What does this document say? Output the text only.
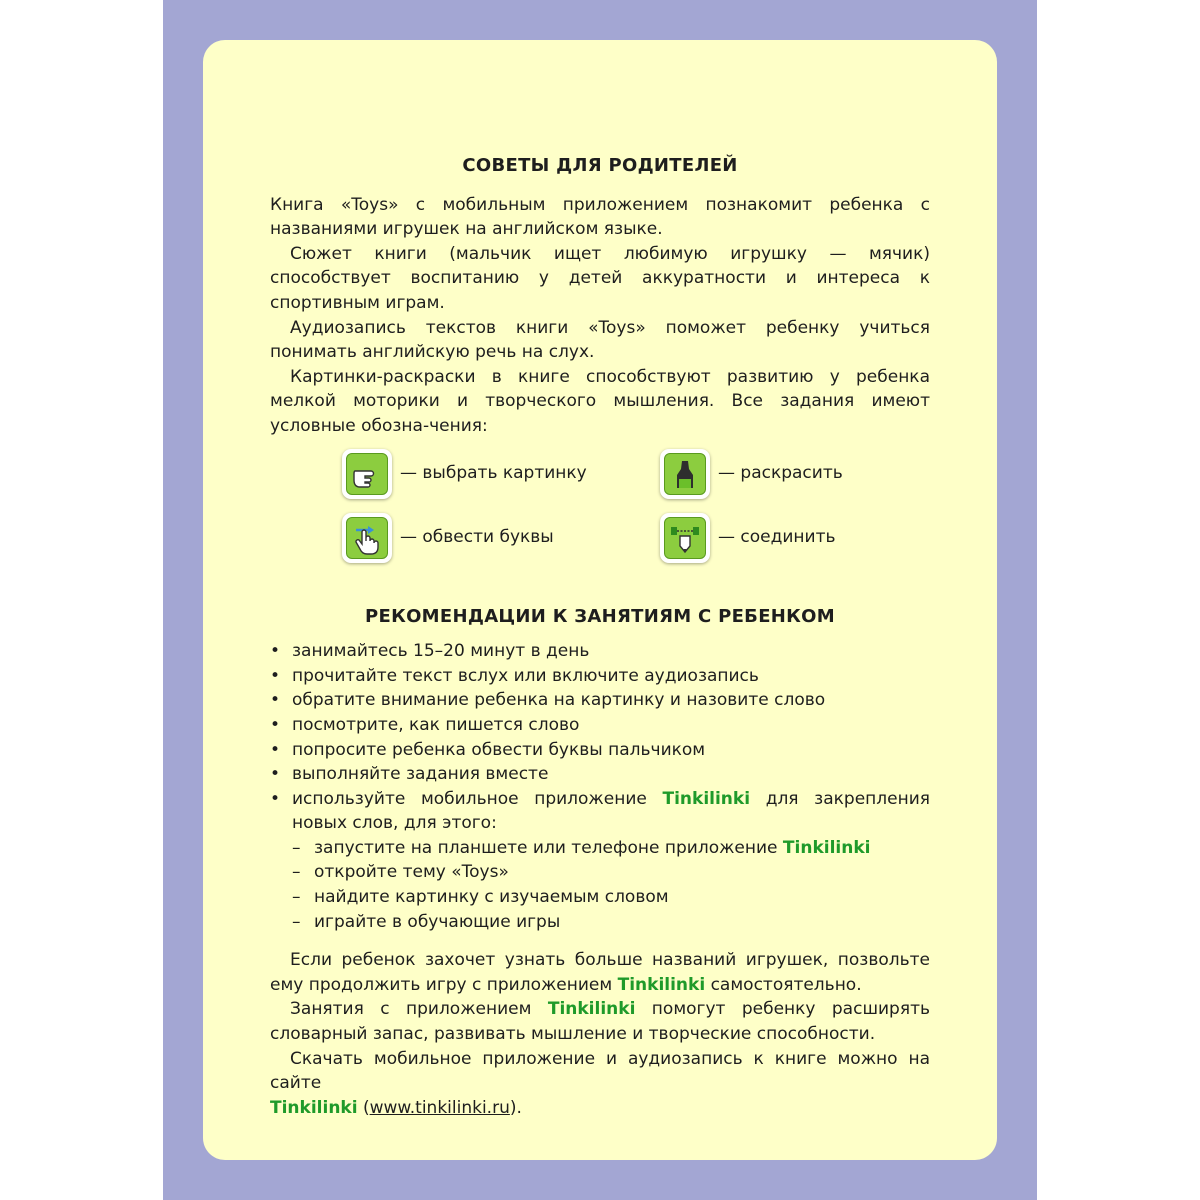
СОВЕТЫ ДЛЯ РОДИТЕЛЕЙ

Книга «Toys» с мобильным приложением познакомит ребенка с названиями игрушек на английском языке.

Сюжет книги (мальчик ищет любимую игрушку — мячик) способствует воспитанию у детей аккуратности и интереса к спортивным играм.

Аудиозапись текстов книги «Toys» поможет ребенку учиться понимать английскую речь на слух.

Картинки-раскраски в книге способствуют развитию у ребенка мелкой моторики и творческого мышления. Все задания имеют условные обозна-чения:

— выбрать картинку	— раскрасить
— обвести буквы	— соединить
РЕКОМЕНДАЦИИ К ЗАНЯТИЯМ С РЕБЕНКОМ
• занимайтесь 15–20 минут в день
• прочитайте текст вслух или включите аудиозапись
• обратите внимание ребенка на картинку и назовите слово
• посмотрите, как пишется слово
• попросите ребенка обвести буквы пальчиком
• выполняйте задания вместе
• используйте мобильное приложение Tinkilinki для закрепления новых слов, для этого:
– запустите на планшете или телефоне приложение Tinkilinki
– откройте тему «Toys»
– найдите картинку с изучаемым словом
– играйте в обучающие игры

Если ребенок захочет узнать больше названий игрушек, позвольте ему продолжить игру с приложением Tinkilinki самостоятельно.

Занятия с приложением Tinkilinki помогут ребенку расширять словарный запас, развивать мышление и творческие способности.

Скачать мобильное приложение и аудиозапись к книге можно на сайте
Tinkilinki (www.tinkilinki.ru).
